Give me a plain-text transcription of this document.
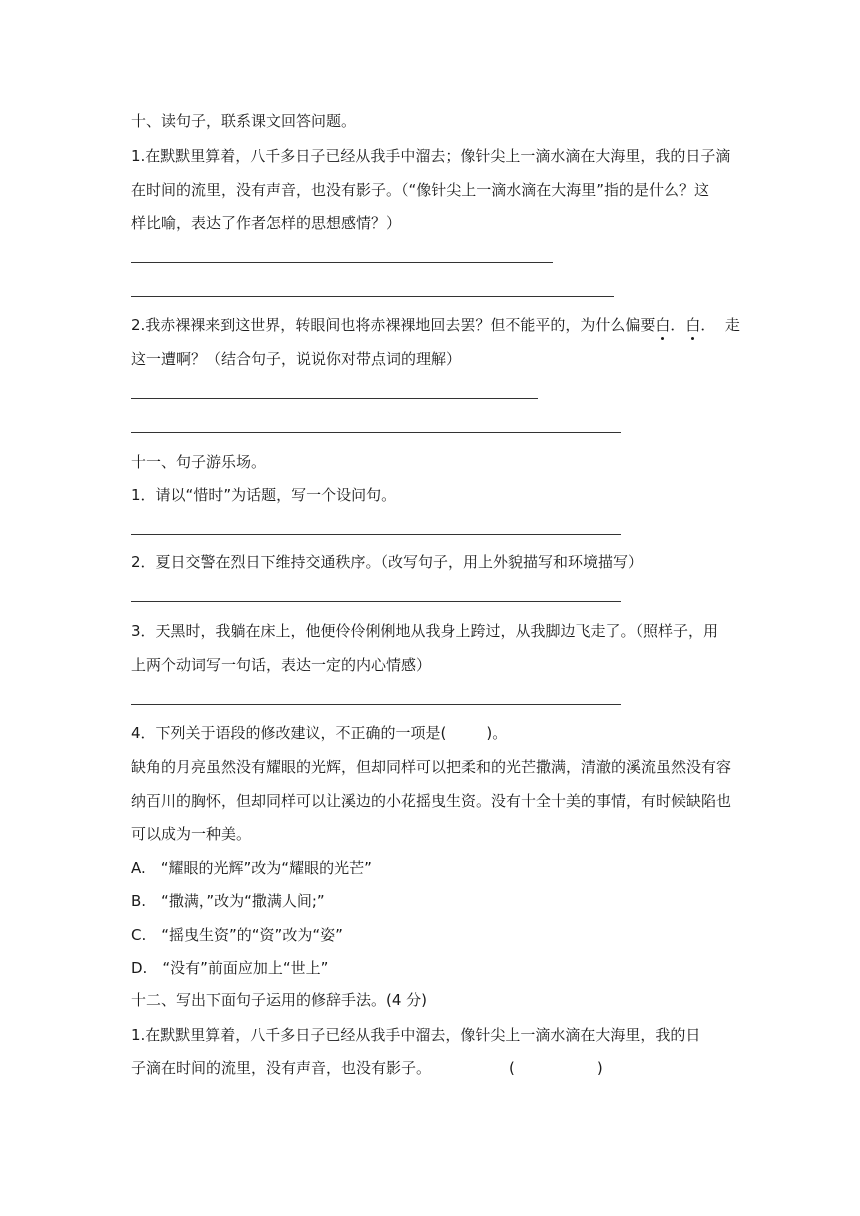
十、读句子，联系课文回答问题。
1.在默默里算着，八千多日子已经从我手中溜去；像针尖上一滴水滴在大海里，我的日子滴
在时间的流里，没有声音，也没有影子。（“像针尖上一滴水滴在大海里”指的是什么？这
样比喻，表达了作者怎样的思想感情？）
2.我赤裸裸来到这世界，转眼间也将赤裸裸地回去罢？但不能平的，为什么偏要白．白．  走
这一遭啊？（结合句子，说说你对带点词的理解）
十一、句子游乐场。
1．请以“惜时”为话题，写一个设问句。
2．夏日交警在烈日下维持交通秩序。（改写句子，用上外貌描写和环境描写）
3．天黑时，我躺在床上，他便伶伶俐俐地从我身上跨过，从我脚边飞走了。（照样子，用
上两个动词写一句话，表达一定的内心情感）
4．下列关于语段的修改建议，不正确的一项是(	)。
缺角的月亮虽然没有耀眼的光辉，但却同样可以把柔和的光芒撒满，清澈的溪流虽然没有容
纳百川的胸怀，但却同样可以让溪边的小花摇曳生资。没有十全十美的事情，有时候缺陷也
可以成为一种美。
A.　“耀眼的光辉”改为“耀眼的光芒”
B.　“撒满，”改为“撒满人间;”
C.　“摇曳生资”的“资”改为“姿”
D.　“没有”前面应加上“世上”
十二、写出下面句子运用的修辞手法。(4 分)
1.在默默里算着，八千多日子已经从我手中溜去，像针尖上一滴水滴在大海里，我的日
子滴在时间的流里，没有声音，也没有影子。	(	)
